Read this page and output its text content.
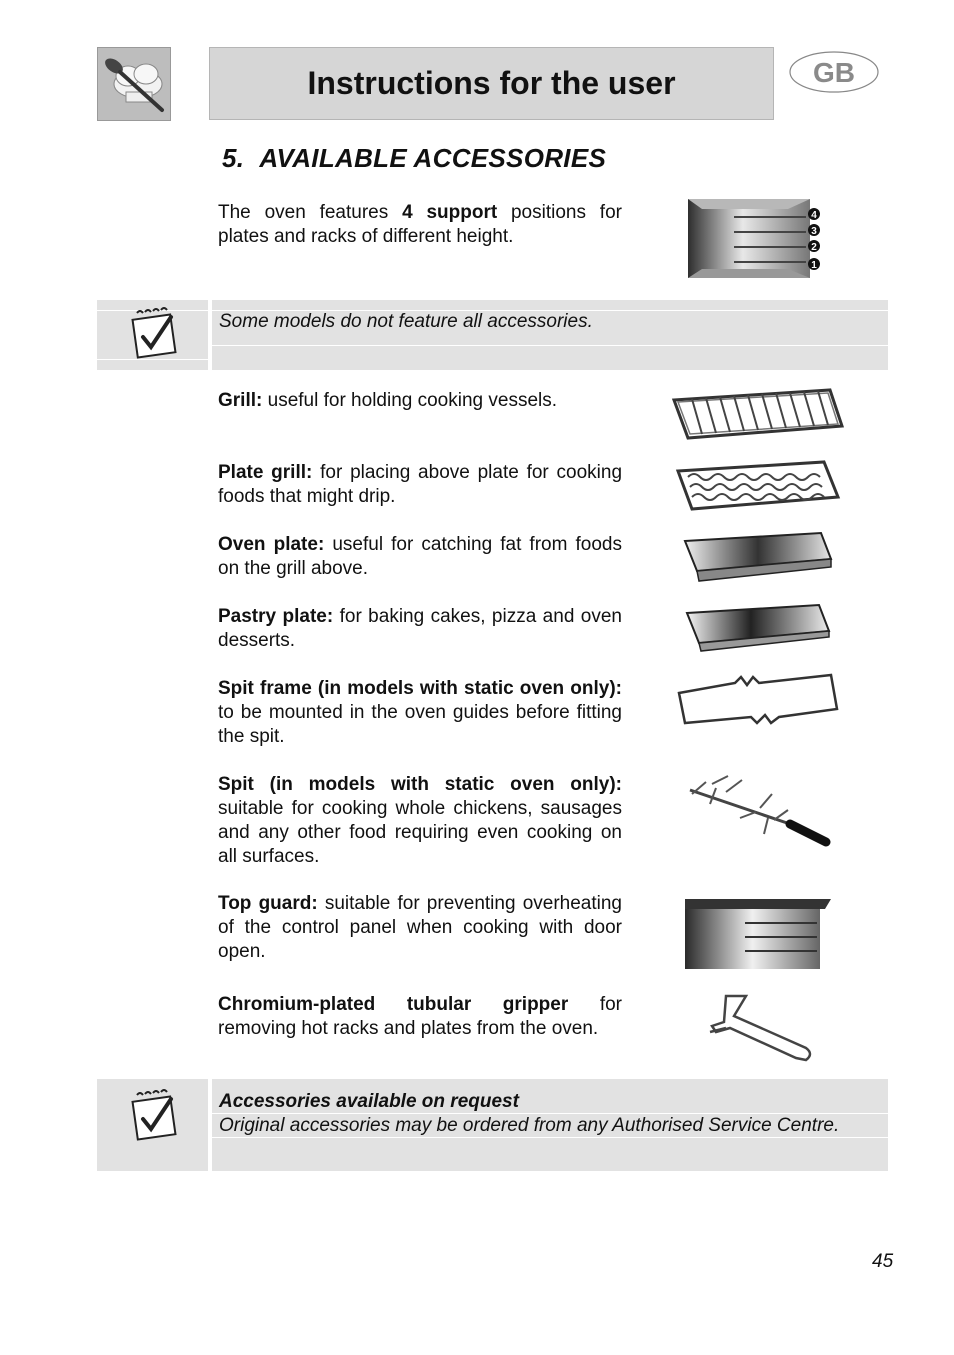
Instructions for the user	GB
5. AVAILABLE ACCESSORIES
The oven features 4 support positions for plates and racks of different height.
4
3
2
1
Some models do not feature all accessories.
Grill: useful for holding cooking vessels.
Plate grill: for placing above plate for cooking foods that might drip.
Oven plate: useful for catching fat from foods on the grill above.
Pastry plate: for baking cakes, pizza and oven desserts.
Spit frame (in models with static oven only): to be mounted in the oven guides before fitting the spit.
Spit (in models with static oven only): suitable for cooking whole chickens, sausages and any other food requiring even cooking on all surfaces.
Top guard: suitable for preventing overheating of the control panel when cooking with door open.
Chromium-plated tubular gripper for removing hot racks and plates from the oven.
Accessories available on request
Original accessories may be ordered from any Authorised Service Centre.
45
